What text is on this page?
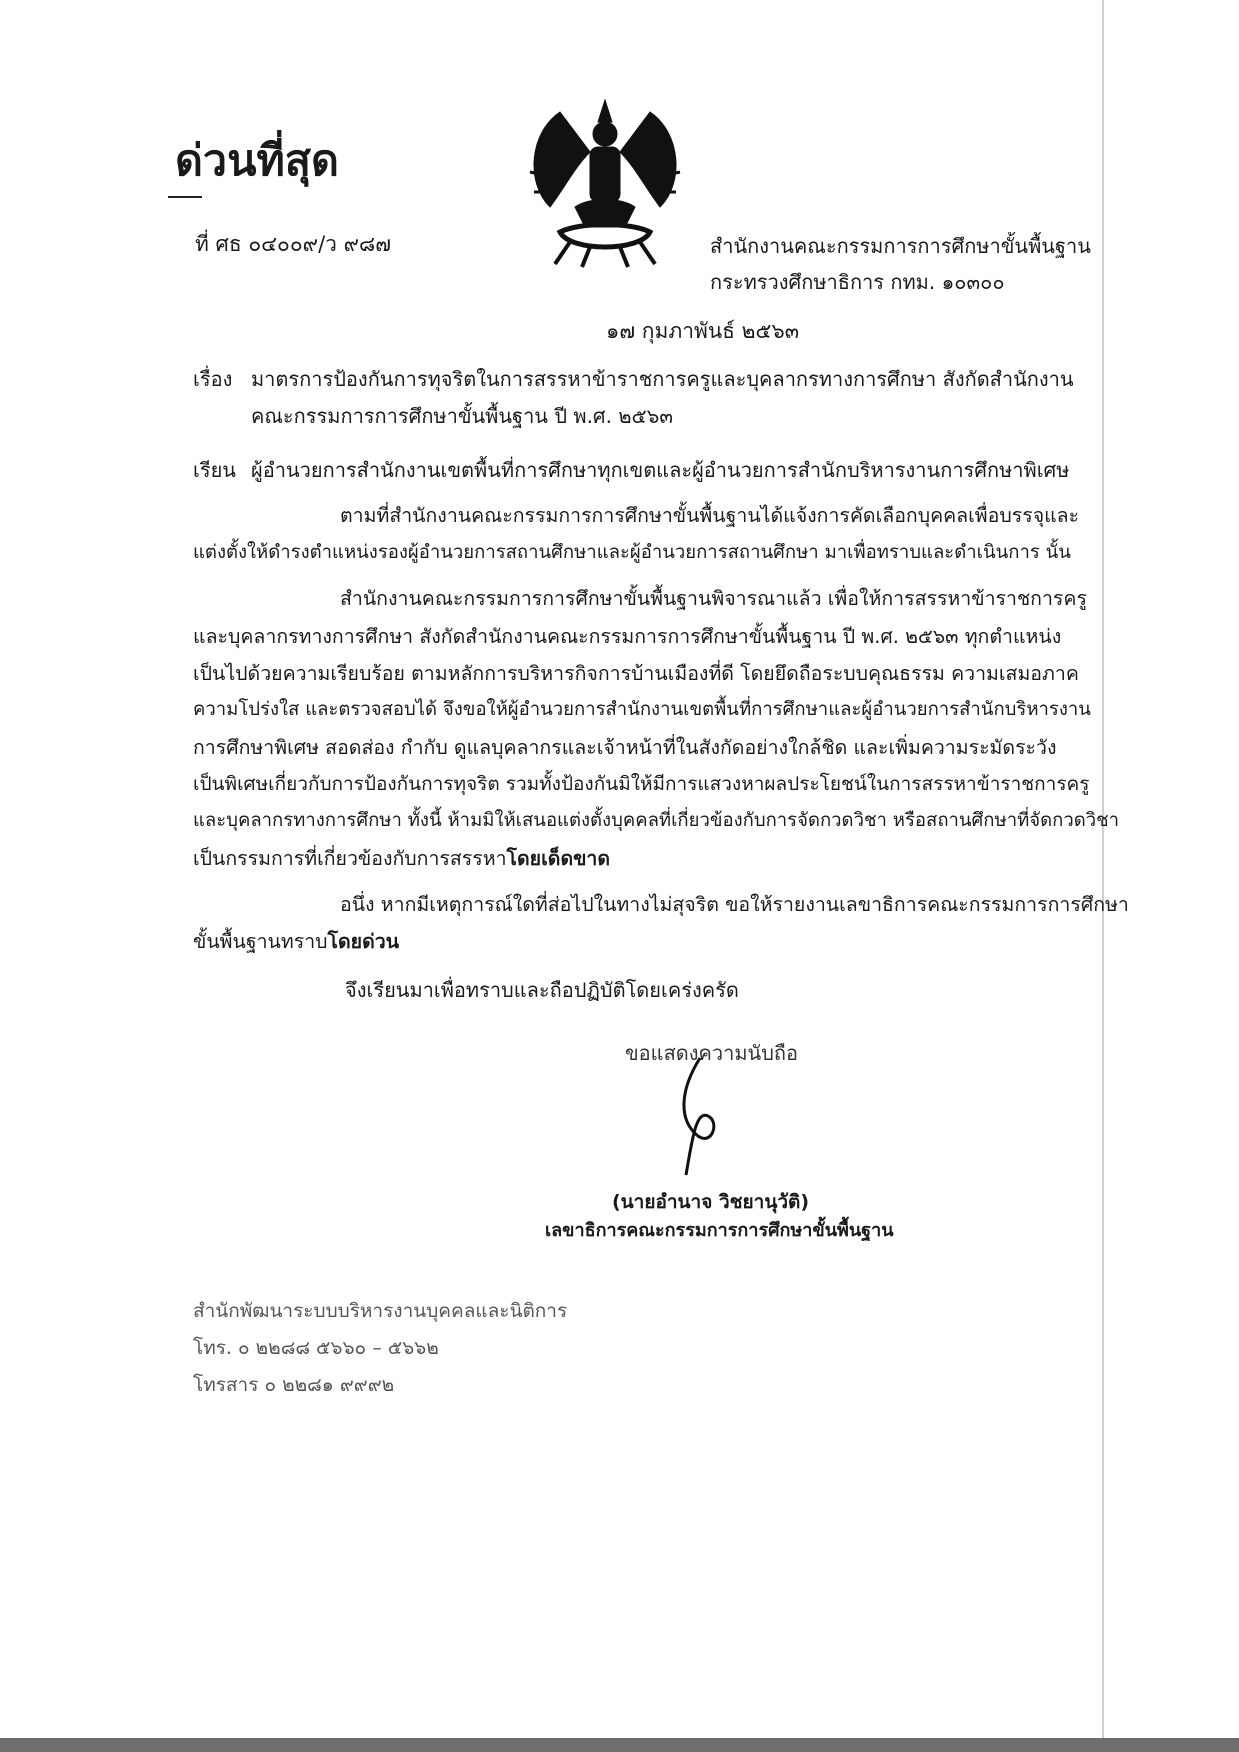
ด่วนที่สุด
ที่ ศธ ๐๔๐๐๙/ว ๙๘๗	สำนักงานคณะกรรมการการศึกษาขั้นพื้นฐาน
กระทรวงศึกษาธิการ กทม. ๑๐๓๐๐
๑๗ กุมภาพันธ์ ๒๕๖๓
เรื่อง มาตรการป้องกันการทุจริตในการสรรหาข้าราชการครูและบุคลากรทางการศึกษา สังกัดสำนักงาน
คณะกรรมการการศึกษาขั้นพื้นฐาน ปี พ.ศ. ๒๕๖๓
เรียน ผู้อำนวยการสำนักงานเขตพื้นที่การศึกษาทุกเขตและผู้อำนวยการสำนักบริหารงานการศึกษาพิเศษ
ตามที่สำนักงานคณะกรรมการการศึกษาขั้นพื้นฐานได้แจ้งการคัดเลือกบุคคลเพื่อบรรจุและ
แต่งตั้งให้ดำรงตำแหน่งรองผู้อำนวยการสถานศึกษาและผู้อำนวยการสถานศึกษา มาเพื่อทราบและดำเนินการ นั้น
สำนักงานคณะกรรมการการศึกษาขั้นพื้นฐานพิจารณาแล้ว เพื่อให้การสรรหาข้าราชการครู
และบุคลากรทางการศึกษา สังกัดสำนักงานคณะกรรมการการศึกษาขั้นพื้นฐาน ปี พ.ศ. ๒๕๖๓ ทุกตำแหน่ง
เป็นไปด้วยความเรียบร้อย ตามหลักการบริหารกิจการบ้านเมืองที่ดี โดยยึดถือระบบคุณธรรม ความเสมอภาค
ความโปร่งใส และตรวจสอบได้ จึงขอให้ผู้อำนวยการสำนักงานเขตพื้นที่การศึกษาและผู้อำนวยการสำนักบริหารงาน
การศึกษาพิเศษ สอดส่อง กำกับ ดูแลบุคลากรและเจ้าหน้าที่ในสังกัดอย่างใกล้ชิด และเพิ่มความระมัดระวัง
เป็นพิเศษเกี่ยวกับการป้องกันการทุจริต รวมทั้งป้องกันมิให้มีการแสวงหาผลประโยชน์ในการสรรหาข้าราชการครู
และบุคลากรทางการศึกษา ทั้งนี้ ห้ามมิให้เสนอแต่งตั้งบุคคลที่เกี่ยวข้องกับการจัดกวดวิชา หรือสถานศึกษาที่จัดกวดวิชา
เป็นกรรมการที่เกี่ยวข้องกับการสรรหาโดยเด็ดขาด
อนึ่ง หากมีเหตุการณ์ใดที่ส่อไปในทางไม่สุจริต ขอให้รายงานเลขาธิการคณะกรรมการการศึกษา
ขั้นพื้นฐานทราบโดยด่วน
จึงเรียนมาเพื่อทราบและถือปฏิบัติโดยเคร่งครัด
ขอแสดงความนับถือ
(นายอำนาจ วิชยานุวัติ)
เลขาธิการคณะกรรมการการศึกษาขั้นพื้นฐาน
สำนักพัฒนาระบบบริหารงานบุคคลและนิติการ
โทร. ๐ ๒๒๘๘ ๕๖๖๐ – ๕๖๖๒
โทรสาร ๐ ๒๒๘๑ ๙๙๙๒
